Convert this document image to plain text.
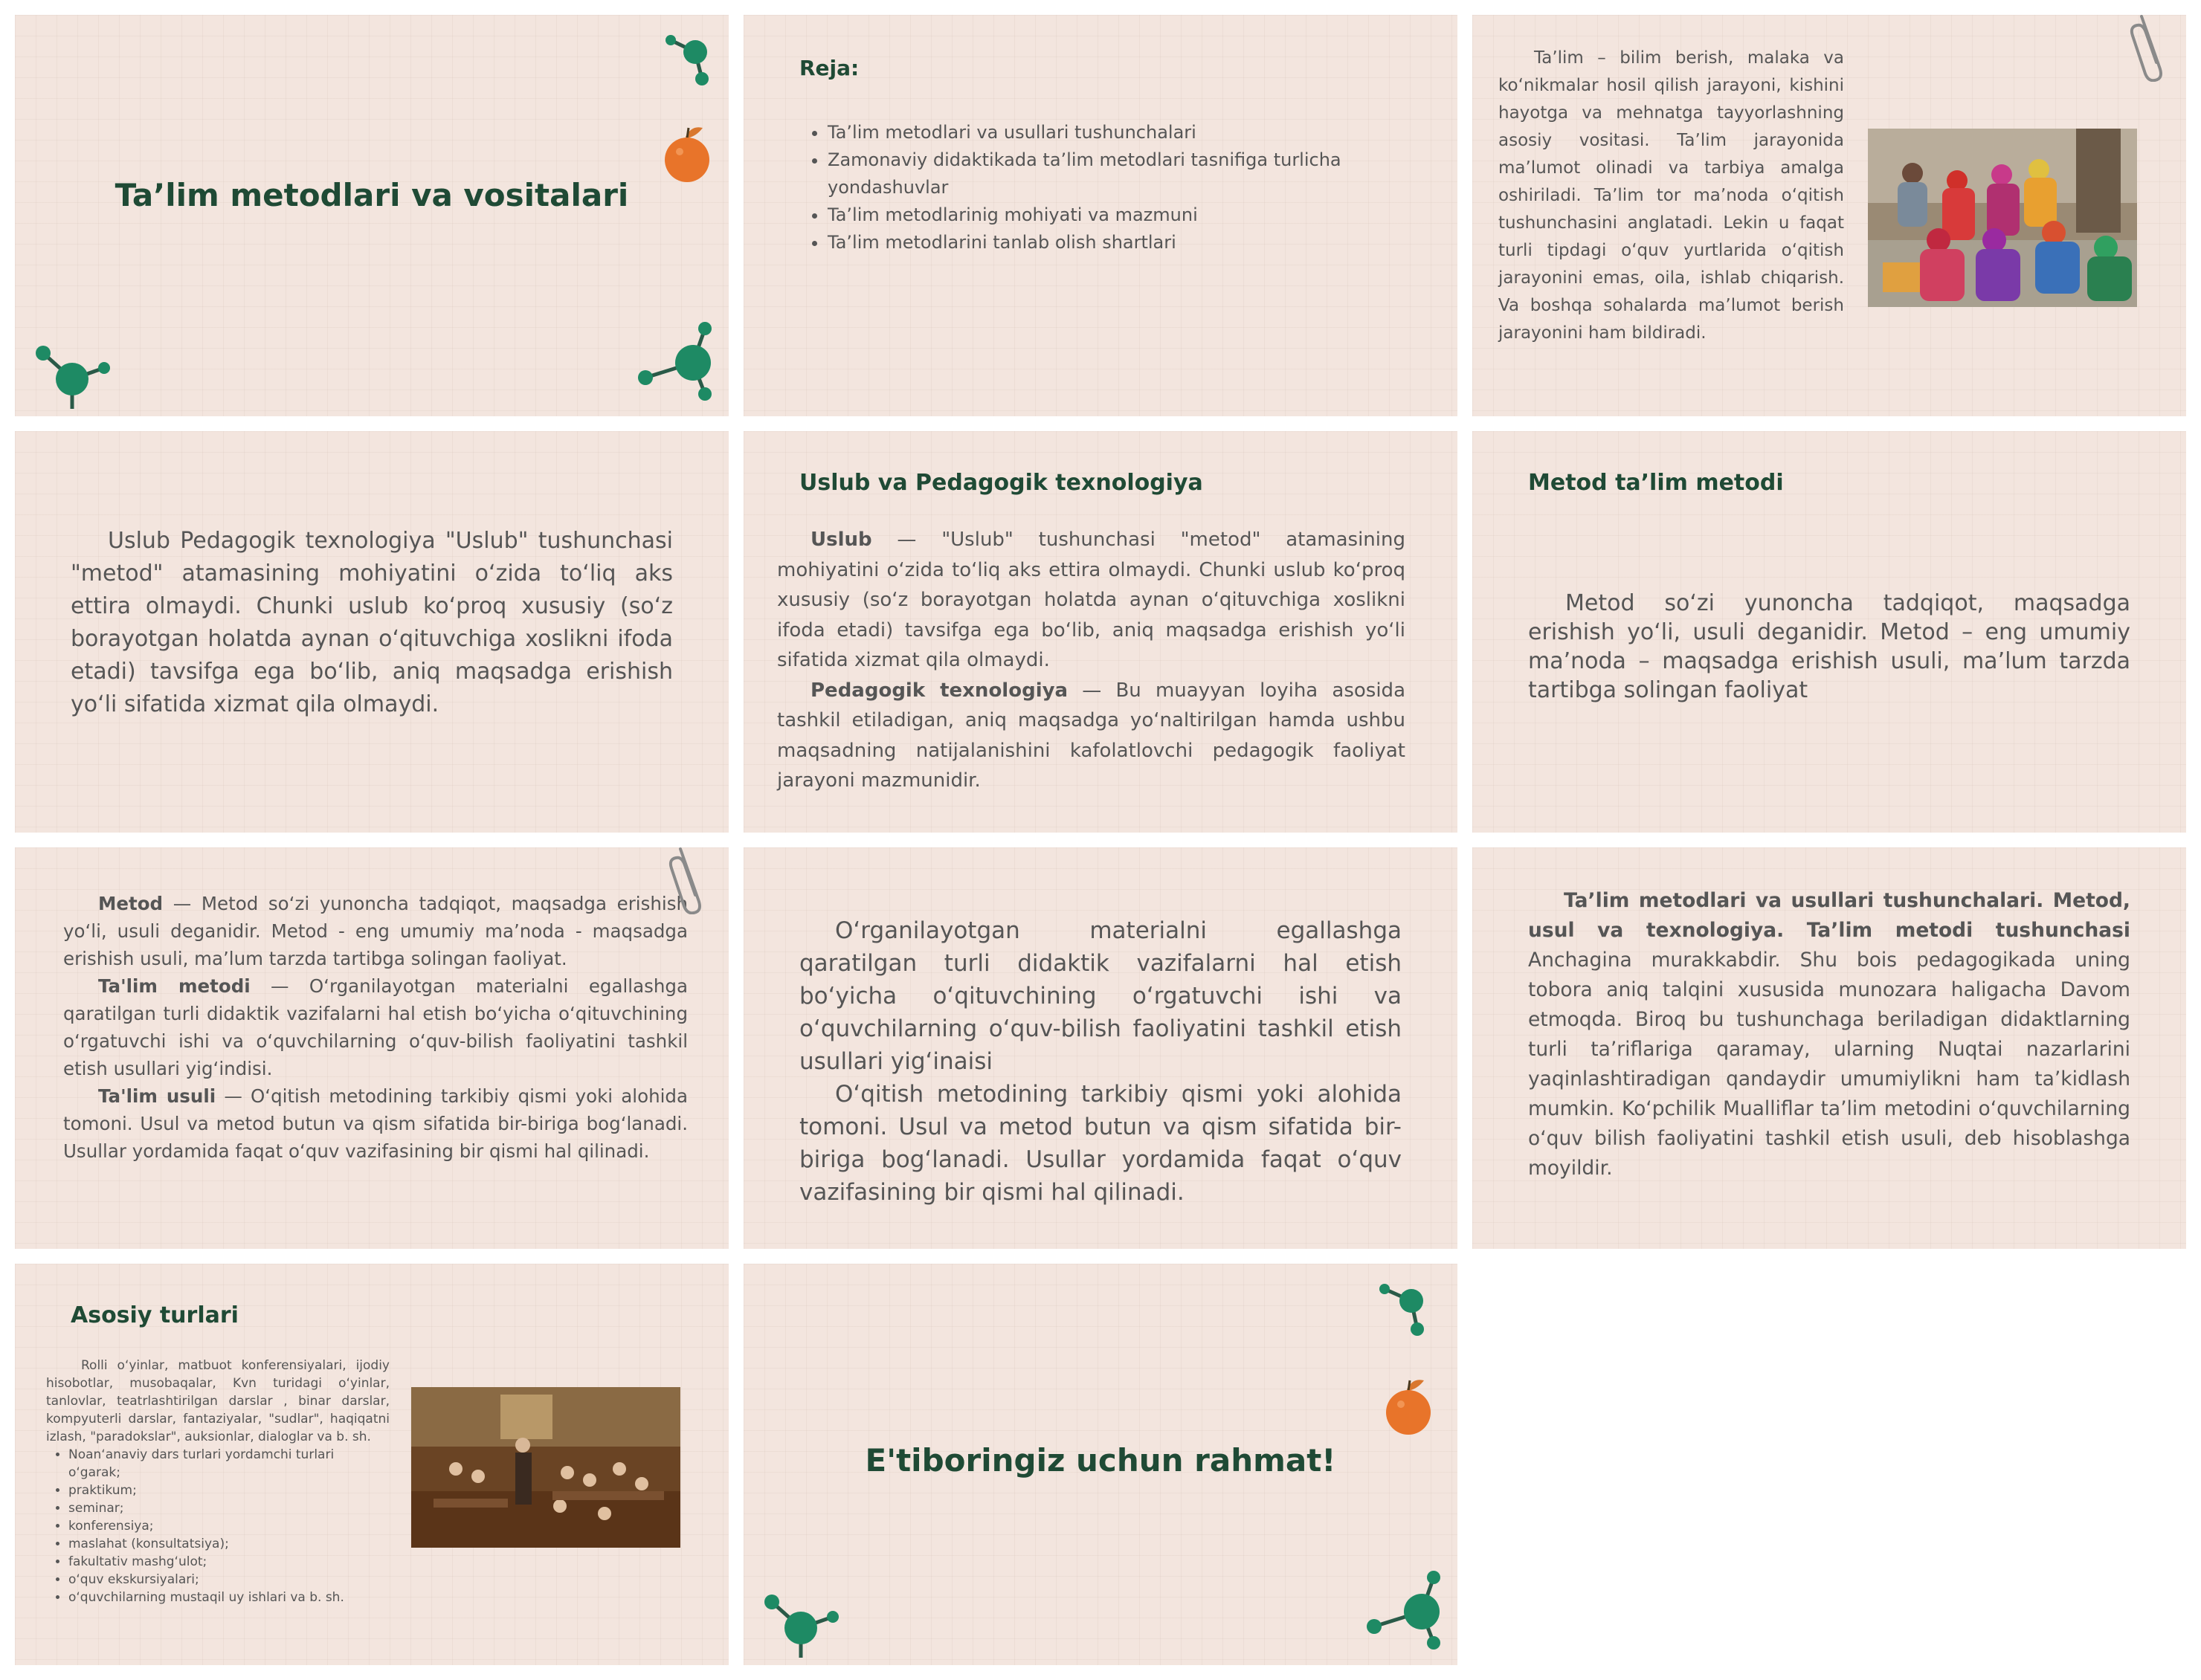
Ta’lim metodlari va vositalari
Reja:
• Ta’lim metodlari va usullari tushunchalari
• Zamonaviy didaktikada ta’lim metodlari tasnifiga turlicha yondashuvlar
• Ta’lim metodlarinig mohiyati va mazmuni
• Ta’lim metodlarini tanlab olish shartlari

Taʼlim – bilim berish, malaka va koʻnikmalar hosil qilish jarayoni, kishini hayotga va mehnatga tayyorlashning asosiy vositasi. Taʼlim jarayonida maʼlumot olinadi va tarbiya amalga oshiriladi. Taʼlim tor maʼnoda oʻqitish tushunchasini anglatadi. Lekin u faqat turli tipdagi oʻquv yurtlarida oʻqitish jarayonini emas, oila, ishlab chiqarish. Va boshqa sohalarda maʼlumot berish jarayonini ham bildiradi.

Uslub Pedagogik texnologiya "Uslub" tushunchasi "metod" atamasining mohiyatini o‘zida to‘liq aks ettira olmaydi. Chunki uslub ko‘proq xususiy (so‘z borayotgan holatda aynan o‘qituvchiga xoslikni ifoda etadi) tavsifga ega bo‘lib, aniq maqsadga erishish yo‘li sifatida xizmat qila olmaydi.
Uslub va Pedagogik texnologiya

Uslub — "Uslub" tushunchasi "metod" atamasining mohiyatini o‘zida to‘liq aks ettira olmaydi. Chunki uslub ko‘proq xususiy (so‘z borayotgan holatda aynan o‘qituvchiga xoslikni ifoda etadi) tavsifga ega bo‘lib, aniq maqsadga erishish yo‘li sifatida xizmat qila olmaydi.

Pedagogik texnologiya — Bu muayyan loyiha asosida tashkil etiladigan, aniq maqsadga yo‘naltirilgan hamda ushbu maqsadning natijalanishini kafolatlovchi pedagogik faoliyat jarayoni mazmunidir.

Metod ta’lim metodi
Metod so‘zi yunoncha tadqiqot, maqsadga erishish yo‘li, usuli deganidir. Metod – eng umumiy ma’noda – maqsadga erishish usuli, ma’lum tarzda tartibga solingan faoliyat

Metod — Metod so‘zi yunoncha tadqiqot, maqsadga erishish yo‘li, usuli deganidir. Metod - eng umumiy ma’noda - maqsadga erishish usuli, ma’lum tarzda tartibga solingan faoliyat.

Ta'lim metodi — O‘rganilayotgan materialni egallashga qaratilgan turli didaktik vazifalarni hal etish bo‘yicha o‘qituvchining o‘rgatuvchi ishi va o‘quvchilarning o‘quv-bilish faoliyatini tashkil etish usullari yig‘indisi.

Ta'lim usuli — O‘qitish metodining tarkibiy qismi yoki alohida tomoni. Usul va metod butun va qism sifatida bir-biriga bog‘lanadi. Usullar yordamida faqat o‘quv vazifasining bir qismi hal qilinadi.

O‘rganilayotgan materialni egallashga qaratilgan turli didaktik vazifalarni hal etish bo‘yicha o‘qituvchining o‘rgatuvchi ishi va o‘quvchilarning o‘quv-bilish faoliyatini tashkil etish usullari yig‘inaisi

O‘qitish metodining tarkibiy qismi yoki alohida tomoni. Usul va metod butun va qism sifatida bir-biriga bog‘lanadi. Usullar yordamida faqat o‘quv vazifasining bir qismi hal qilinadi.

Ta’lim metodlari va usullari tushunchalari. Metod, usul va texnologiya. Ta’lim metodi tushunchasi Anchagina murakkabdir. Shu bois pedagogikada uning tobora aniq talqini xususida munozara haligacha Davom etmoqda. Biroq bu tushunchaga beriladigan didaktlarning turli ta’riflariga qaramay, ularning Nuqtai nazarlarini yaqinlashtiradigan qandaydir umumiylikni ham ta’kidlash mumkin. Ko‘pchilik Mualliflar ta’lim metodini o‘quvchilarning o‘quv bilish faoliyatini tashkil etish usuli, deb hisoblashga moyildir.
Asosiy turlari

Rolli o‘yinlar, matbuot konferensiyalari, ijodiy hisobotlar, musobaqalar, Kvn turidagi o‘yinlar, tanlovlar, teatrlashtirilgan darslar , binar darslar, kompyuterli darslar, fantaziyalar, "sudlar", haqiqatni izlash, "paradokslar", auksionlar, dialoglar va b. sh.

• Noan‘anaviy dars turlari yordamchi turlari o‘garak;
• praktikum;
• seminar;
• konferensiya;
• maslahat (konsultatsiya);
• fakultativ mashg‘ulot;
• o‘quv ekskursiyalari;
• o‘quvchilarning mustaqil uy ishlari va b. sh.
E'tiboringiz uchun rahmat!
